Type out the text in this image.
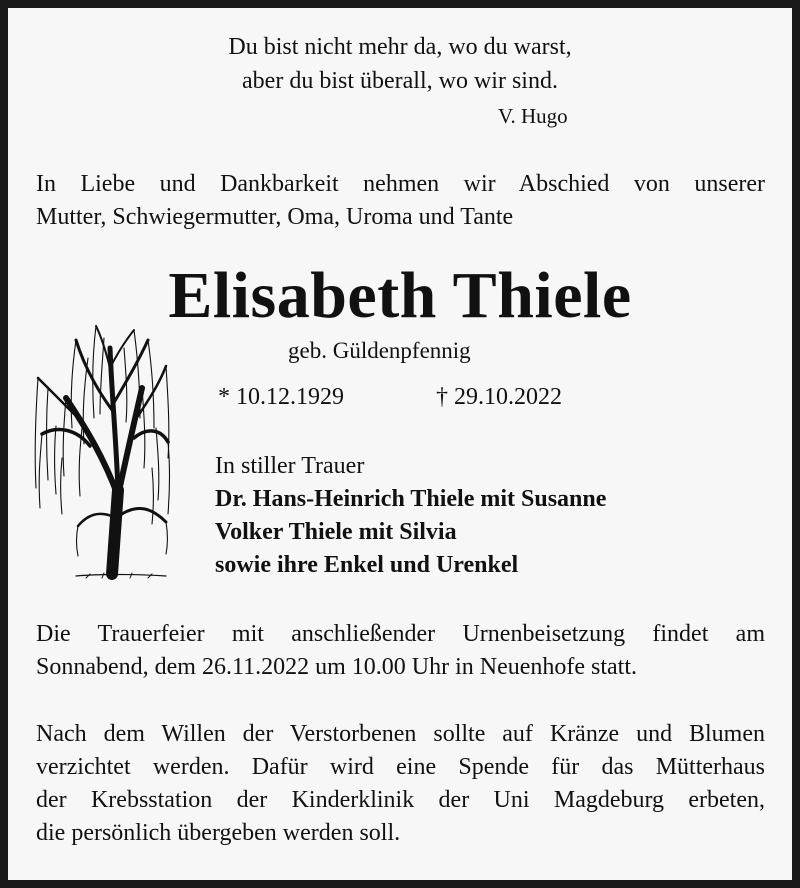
Du bist nicht mehr da, wo du warst,
aber du bist überall, wo wir sind.
V. Hugo
In Liebe und Dankbarkeit nehmen wir Abschied von unserer
Mutter, Schwiegermutter, Oma, Uroma und Tante
Elisabeth Thiele
geb. Güldenpfennig
* 10.12.1929	† 29.10.2022
In stiller Trauer
Dr. Hans-Heinrich Thiele mit Susanne
Volker Thiele mit Silvia
sowie ihre Enkel und Urenkel
Die Trauerfeier mit anschließender Urnenbeisetzung findet am
Sonnabend, dem 26.11.2022 um 10.00 Uhr in Neuenhofe statt.
Nach dem Willen der Verstorbenen sollte auf Kränze und Blumen
verzichtet werden. Dafür wird eine Spende für das Mütterhaus
der Krebsstation der Kinderklinik der Uni Magdeburg erbeten,
die persönlich übergeben werden soll.
